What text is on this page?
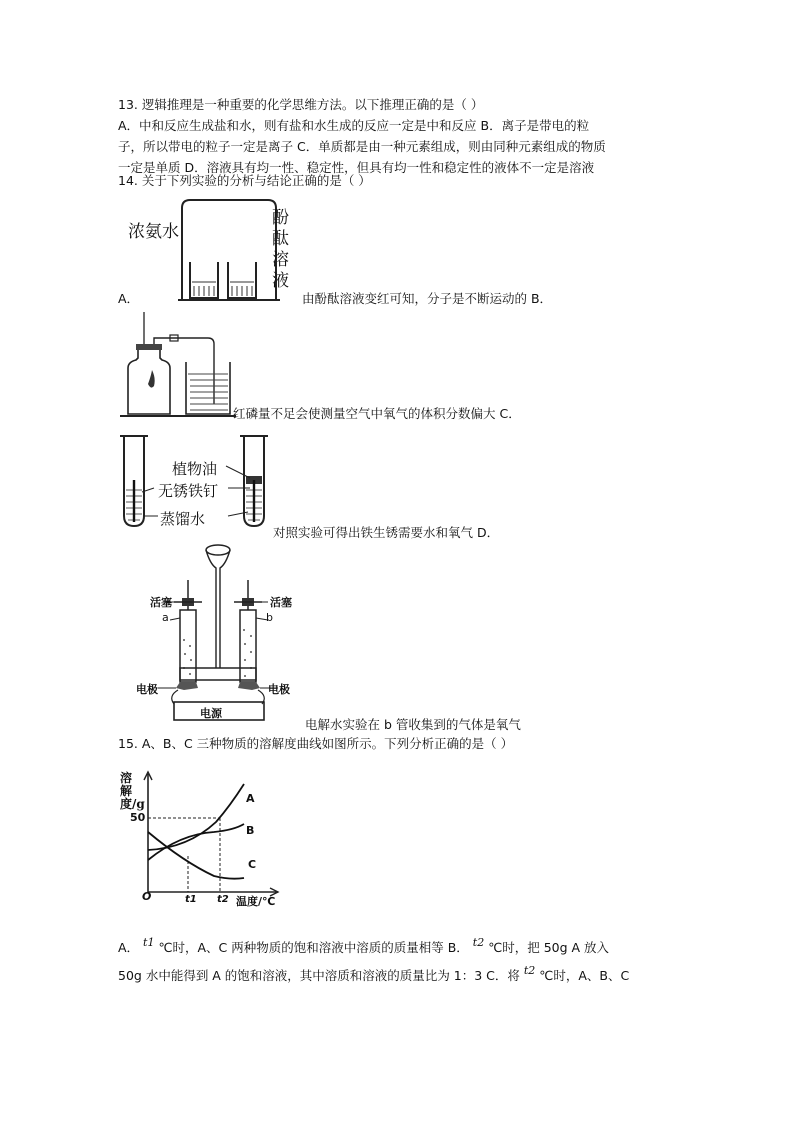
13. 逻辑推理是一种重要的化学思维方法。以下推理正确的是（ ）
A．中和反应生成盐和水，则有盐和水生成的反应一定是中和反应 B．离子是带电的粒
子，所以带电的粒子一定是离子 C．单质都是由一种元素组成，则由同种元素组成的物质
一定是单质 D．溶液具有均一性、稳定性，但具有均一性和稳定性的液体不一定是溶液
14. 关于下列实验的分析与结论正确的是（ ）
浓氨水
酚酞溶液
A．	由酚酞溶液变红可知，分子是不断运动的 B．
红磷量不足会使测量空气中氧气的体积分数偏大 C．
植物油
无锈铁钉
蒸馏水
对照实验可得出铁生锈需要水和氧气 D．
活塞	活塞
a	b
电极	电极
电源
电解水实验在 b 管收集到的气体是氧气
15. A、B、C 三种物质的溶解度曲线如图所示。下列分析正确的是（ ）
溶解度/g
50
O	t1 t2 温度/℃
A
B
C
A． t1 ℃时，A、C 两种物质的饱和溶液中溶质的质量相等 B． t2 ℃时，把 50g A 放入
50g 水中能得到 A 的饱和溶液，其中溶质和溶液的质量比为 1：3 C．将 t2 ℃时，A、B、C
